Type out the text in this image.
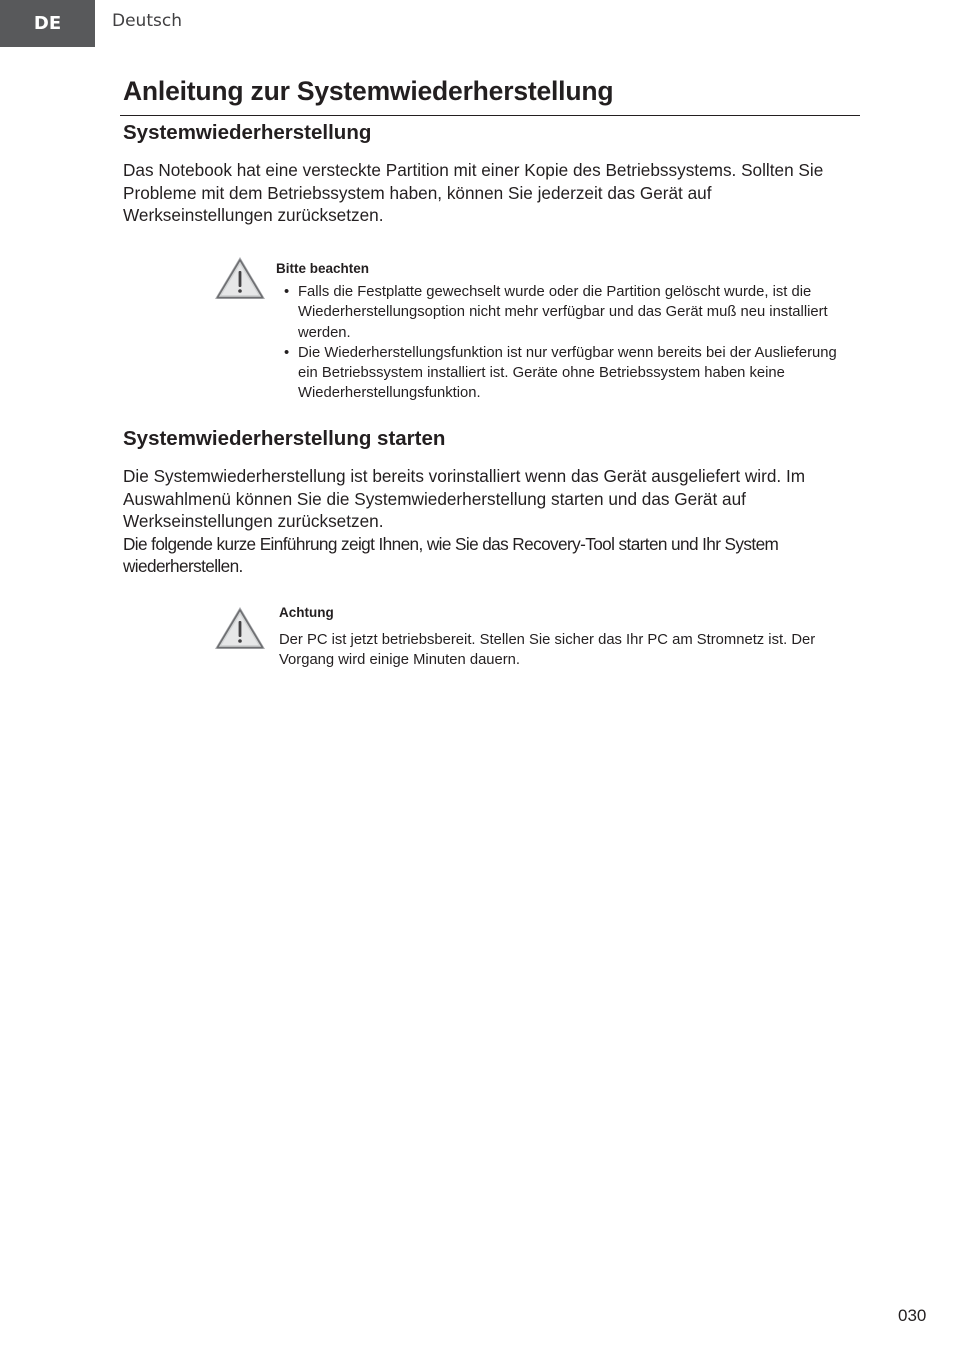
DE	Deutsch
Anleitung zur Systemwiederherstellung
Systemwiederherstellung

Das Notebook hat eine versteckte Partition mit einer Kopie des Betriebssystems. Sollten Sie Probleme mit dem Betriebssystem haben, können Sie jederzeit das Gerät auf Werkseinstellungen zurücksetzen.

Bitte beachten
• Falls die Festplatte gewechselt wurde oder die Partition gelöscht wurde, ist die Wiederherstellungsoption nicht mehr verfügbar und das Gerät muß neu installiert werden.
• Die Wiederherstellungsfunktion ist nur verfügbar wenn bereits bei der Auslieferung ein Betriebssystem installiert ist. Geräte ohne Betriebssystem haben keine Wiederherstellungsfunktion.
Systemwiederherstellung starten

Die Systemwiederherstellung ist bereits vorinstalliert wenn das Gerät ausgeliefert wird. Im Auswahlmenü können Sie die Systemwiederherstellung starten und das Gerät auf Werkseinstellungen zurücksetzen.

Die folgende kurze Einführung zeigt Ihnen, wie Sie das Recovery-Tool starten und Ihr System wiederherstellen.

Achtung

Der PC ist jetzt betriebsbereit. Stellen Sie sicher das Ihr PC am Stromnetz ist. Der Vorgang wird einige Minuten dauern.

030
